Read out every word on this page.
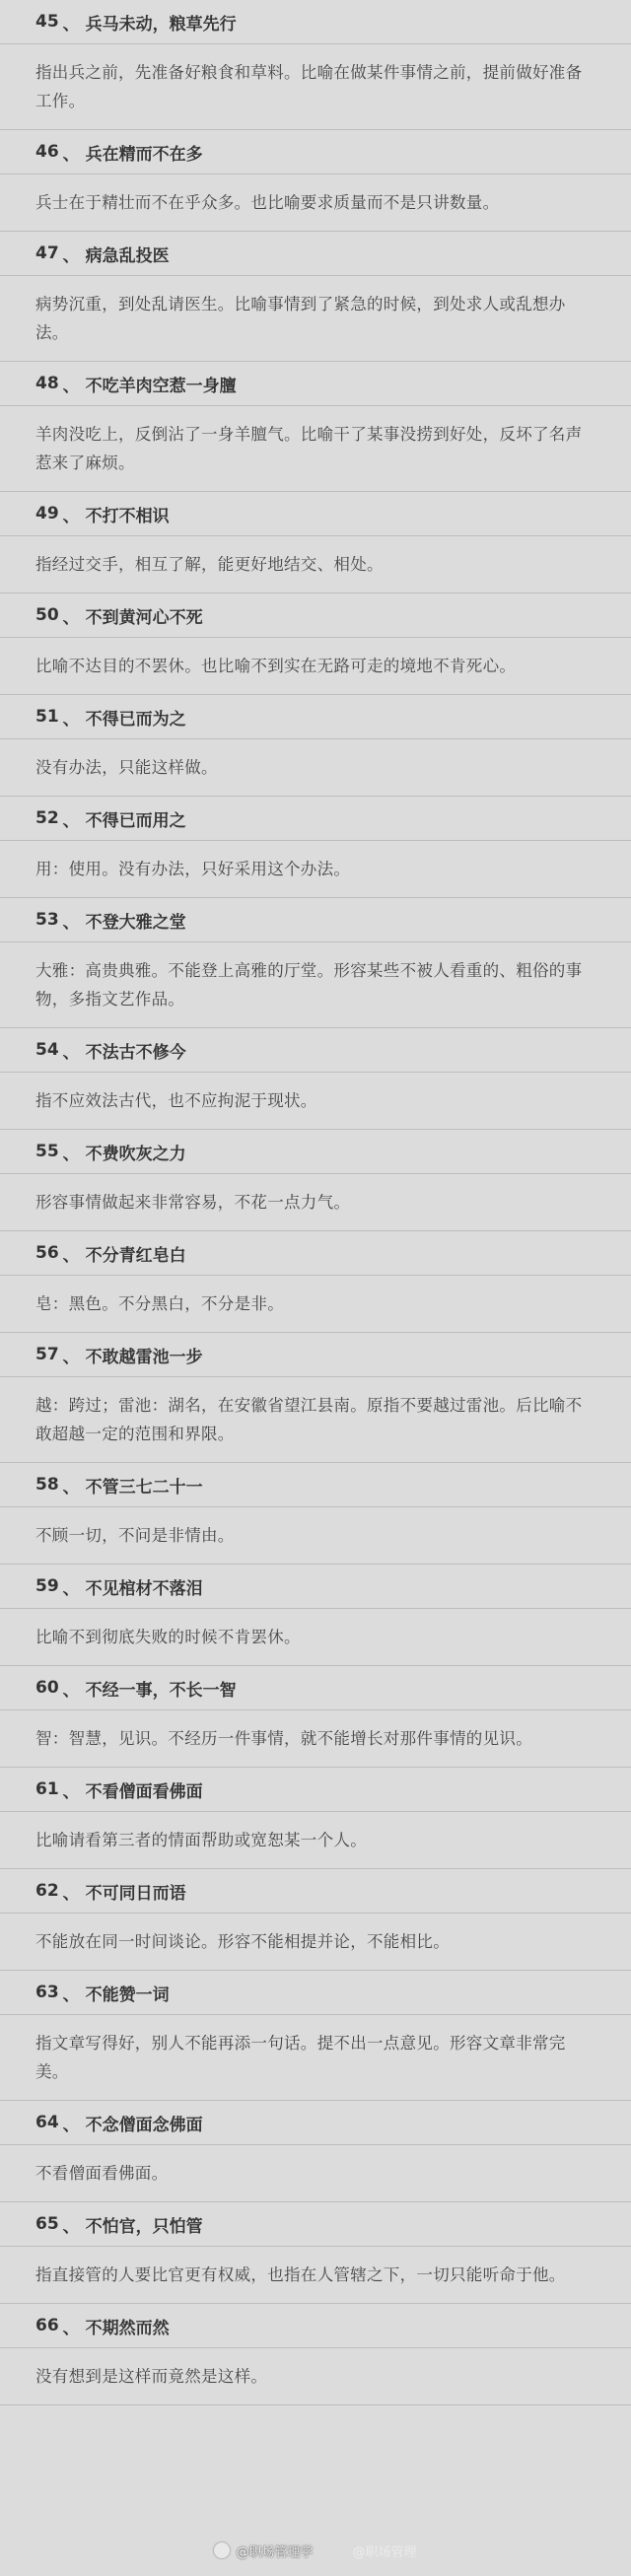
45 、 兵马未动，粮草先行
指出兵之前，先准备好粮食和草料。比喻在做某件事情之前，提前做好准备工作。
46 、 兵在精而不在多
兵士在于精壮而不在乎众多。也比喻要求质量而不是只讲数量。
47 、 病急乱投医
病势沉重，到处乱请医生。比喻事情到了紧急的时候，到处求人或乱想办法。
48 、 不吃羊肉空惹一身膻
羊肉没吃上，反倒沾了一身羊膻气。比喻干了某事没捞到好处，反坏了名声惹来了麻烦。
49 、 不打不相识
指经过交手，相互了解，能更好地结交、相处。
50 、 不到黄河心不死
比喻不达目的不罢休。也比喻不到实在无路可走的境地不肯死心。
51 、 不得已而为之
没有办法，只能这样做。
52 、 不得已而用之
用：使用。没有办法，只好采用这个办法。
53 、 不登大雅之堂
大雅：高贵典雅。不能登上高雅的厅堂。形容某些不被人看重的、粗俗的事物，多指文艺作品。
54 、 不法古不修今
指不应效法古代，也不应拘泥于现状。
55 、 不费吹灰之力
形容事情做起来非常容易，不花一点力气。
56 、 不分青红皂白
皂：黑色。不分黑白，不分是非。
57 、 不敢越雷池一步
越：跨过；雷池：湖名，在安徽省望江县南。原指不要越过雷池。后比喻不敢超越一定的范围和界限。
58 、 不管三七二十一
不顾一切，不问是非情由。
59 、 不见棺材不落泪
比喻不到彻底失败的时候不肯罢休。
60 、 不经一事，不长一智
智：智慧，见识。不经历一件事情，就不能增长对那件事情的见识。
61 、 不看僧面看佛面
比喻请看第三者的情面帮助或宽恕某一个人。
62 、 不可同日而语
不能放在同一时间谈论。形容不能相提并论，不能相比。
63 、 不能赞一词
指文章写得好，别人不能再添一句话。提不出一点意见。形容文章非常完美。
64 、 不念僧面念佛面
不看僧面看佛面。
65 、 不怕官，只怕管
指直接管的人要比官更有权威，也指在人管辖之下，一切只能听命于他。
66 、 不期然而然
没有想到是这样而竟然是这样。
@职场管理学	@职场管理
